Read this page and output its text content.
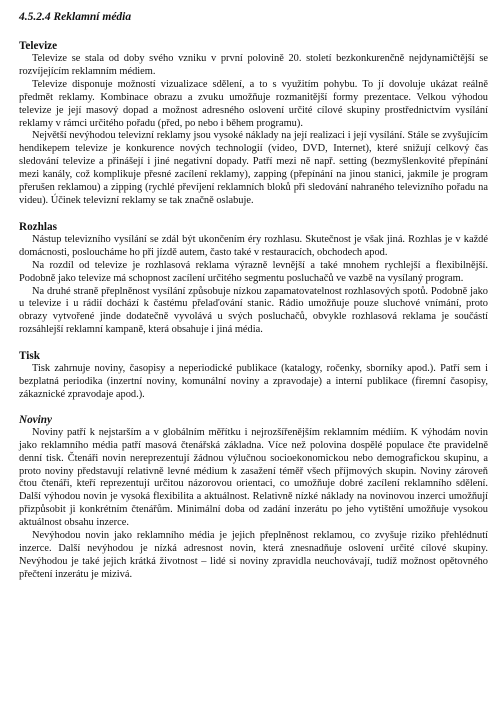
4.5.2.4 Reklamní média
Televize

Televize se stala od doby svého vzniku v první polovině 20. století bezkonkurenčně nejdynamičtější se rozvíjejícím reklamním médiem.

Televize disponuje možností vizualizace sdělení, a to s využitím pohybu. To jí dovoluje ukázat reálně předmět reklamy. Kombinace obrazu a zvuku umožňuje rozmanitější formy prezentace. Velkou výhodou televize je její masový dopad a možnost adresného oslovení určité cílové skupiny prostřednictvím vysílání reklamy v rámci určitého pořadu (před, po nebo i během programu).

Největší nevýhodou televizní reklamy jsou vysoké náklady na její realizaci i její vysílání. Stále se zvyšujícím hendikepem televize je konkurence nových technologií (video, DVD, Internet), které snižují celkový čas sledování televize a přinášejí i jiné negativní dopady. Patří mezi ně např. setting (bezmyšlenkovité přepínání mezi kanály, což komplikuje přesné zacílení reklamy), zapping (přepínání na jinou stanici, jakmile je program přerušen reklamou) a zipping (rychlé převíjení reklamních bloků při sledování nahraného televizního pořadu na videu). Účinek televizní reklamy se tak značně oslabuje.

Rozhlas

Nástup televizního vysílání se zdál být ukončením éry rozhlasu. Skutečnost je však jiná. Rozhlas je v každé domácnosti, posloucháme ho při jízdě autem, často také v restauracích, obchodech apod.

Na rozdíl od televize je rozhlasová reklama výrazně levnější a také mnohem rychlejší a flexibilnější. Podobně jako televize má schopnost zacílení určitého segmentu posluchačů ve vazbě na vysílaný program.

Na druhé straně přeplněnost vysílání způsobuje nízkou zapamatovatelnost rozhlasových spotů. Podobně jako u televize i u rádií dochází k častému přelaďování stanic. Rádio umožňuje pouze sluchové vnímání, proto obrazy vytvořené jinde dodatečně vyvolává u svých posluchačů, obvykle rozhlasová reklama je součástí rozsáhlejší reklamní kampaně, která obsahuje i jiná média.

Tisk

Tisk zahrnuje noviny, časopisy a neperiodické publikace (katalogy, ročenky, sborníky apod.). Patří sem i bezplatná periodika (inzertní noviny, komunální noviny a zpravodaje) a interní publikace (firemní časopisy, zákaznické zpravodaje apod.).

Noviny

Noviny patří k nejstarším a v globálním měřítku i nejrozšířenějším reklamním médiím. K výhodám novin jako reklamního média patří masová čtenářská základna. Více než polovina dospělé populace čte pravidelně denní tisk. Čtenáři novin nereprezentují žádnou výlučnou socioekonomickou nebo demografickou skupinu, a proto noviny představují relativně levné médium k zasažení téměř všech příjmových skupin. Noviny zároveň čtou čtenáři, kteří reprezentují určitou názorovou orientaci, co umožňuje dobré zacílení reklamního sdělení. Další výhodou novin je vysoká flexibilita a aktuálnost. Relativně nízké náklady na novinovou inzerci umožňují přizpůsobit ji konkrétním čtenářům. Minimální doba od zadání inzerátu po jeho vytištění umožňuje vysokou aktuálnost obsahu inzerce.

Nevýhodou novin jako reklamního média je jejich přeplněnost reklamou, co zvyšuje riziko přehlédnutí inzerce. Další nevýhodou je nízká adresnost novin, která znesnadňuje oslovení určité cílové skupiny. Nevýhodou je také jejich krátká životnost – lidé si noviny zpravidla neuchovávají, tudíž možnost opětovného přečtení inzerátu je mizivá.
